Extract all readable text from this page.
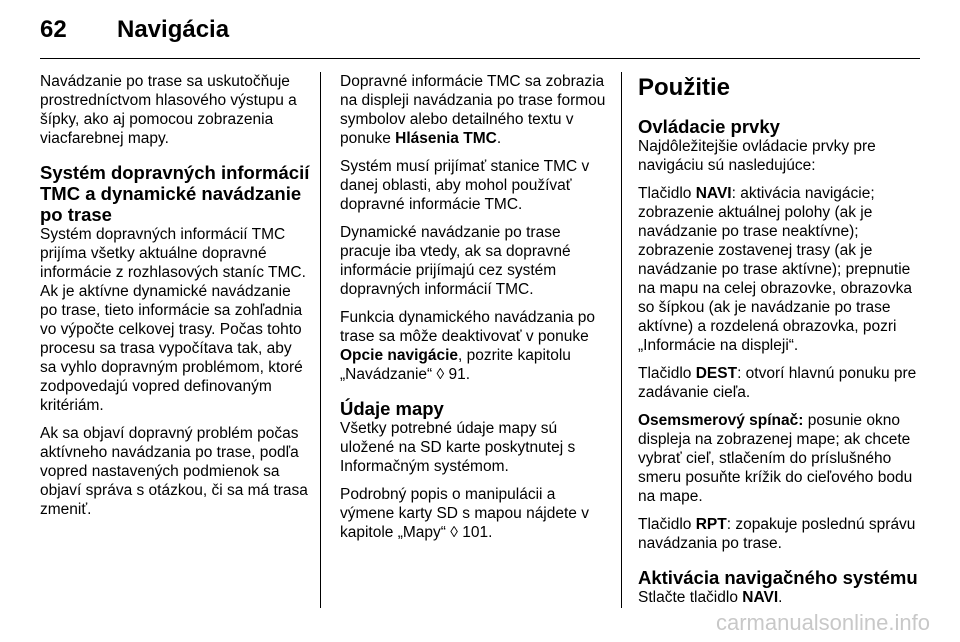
62 Navigácia

Navádzanie po trase sa uskutočňuje prostredníctvom hlasového výstupu a šípky, ako aj pomocou zobrazenia viacfarebnej mapy.

Systém dopravných informácií TMC a dynamické navádzanie po trase

Systém dopravných informácií TMC prijíma všetky aktuálne dopravné informácie z rozhlasových staníc TMC. Ak je aktívne dynamické navádzanie po trase, tieto informácie sa zohľadnia vo výpočte celkovej trasy. Počas tohto procesu sa trasa vypočítava tak, aby sa vyhlo dopravným problémom, ktoré zodpovedajú vopred definovaným kritériám.

Ak sa objaví dopravný problém počas aktívneho navádzania po trase, podľa vopred nastavených podmienok sa objaví správa s otázkou, či sa má trasa zmeniť.

Dopravné informácie TMC sa zobrazia na displeji navádzania po trase formou symbolov alebo detailného textu v ponuke Hlásenia TMC.

Systém musí prijímať stanice TMC v danej oblasti, aby mohol používať dopravné informácie TMC.

Dynamické navádzanie po trase pracuje iba vtedy, ak sa dopravné informácie prijímajú cez systém dopravných informácií TMC.

Funkcia dynamického navádzania po trase sa môže deaktivovať v ponuke Opcie navigácie, pozrite kapitolu „Navádzanie“ ◊ 91.

Údaje mapy

Všetky potrebné údaje mapy sú uložené na SD karte poskytnutej s Informačným systémom.

Podrobný popis o manipulácii a výmene karty SD s mapou nájdete v kapitole „Mapy“ ◊ 101.

Použitie
Ovládacie prvky

Najdôležitejšie ovládacie prvky pre navigáciu sú nasledujúce:

Tlačidlo NAVI: aktivácia navigácie; zobrazenie aktuálnej polohy (ak je navádzanie po trase neaktívne); zobrazenie zostavenej trasy (ak je navádzanie po trase aktívne); prepnutie na mapu na celej obrazovke, obrazovka so šípkou (ak je navádzanie po trase aktívne) a rozdelená obrazovka, pozri „Informácie na displeji“.

Tlačidlo DEST: otvorí hlavnú ponuku pre zadávanie cieľa.

Osemsmerový spínač: posunie okno displeja na zobrazenej mape; ak chcete vybrať cieľ, stlačením do príslušného smeru posuňte krížik do cieľového bodu na mape.

Tlačidlo RPT: zopakuje poslednú správu navádzania po trase.

Aktivácia navigačného systému

Stlačte tlačidlo NAVI.

carmanualsonline.info
